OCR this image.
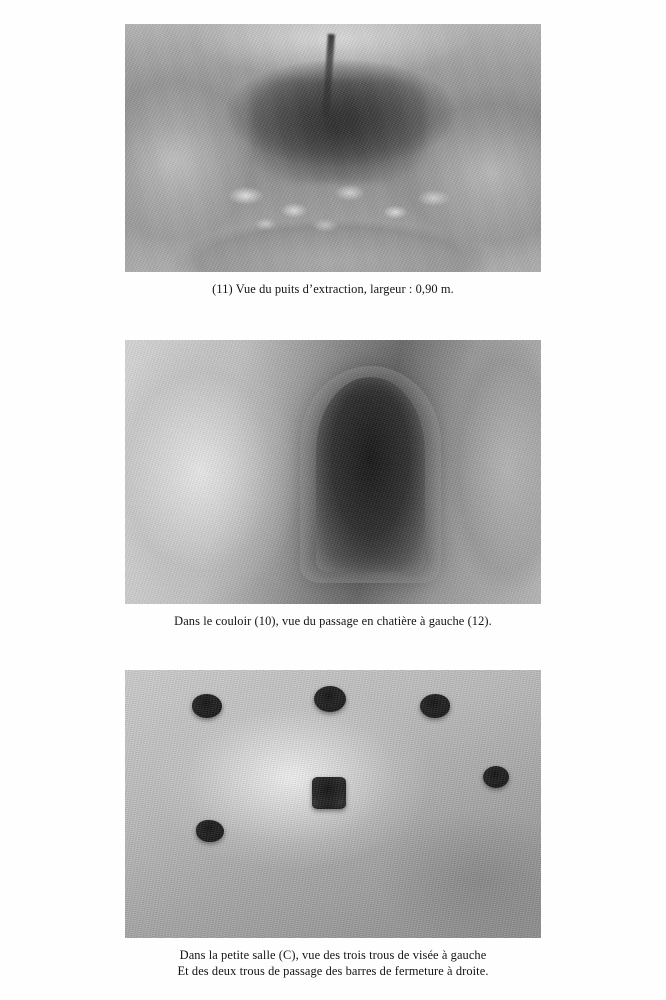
(11) Vue du puits d’extraction, largeur : 0,90 m.
Dans le couloir (10), vue du passage en chatière à gauche (12).
Dans la petite salle (C), vue des trois trous de visée à gauche
Et des deux trous de passage des barres de fermeture à droite.
